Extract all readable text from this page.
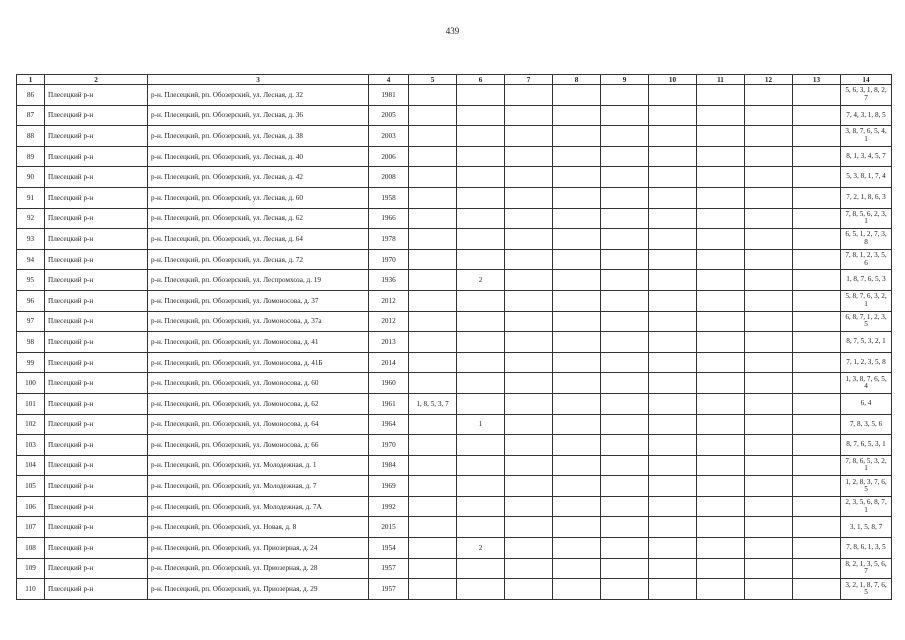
439
1	2	3	4	5	6	7	8	9	10	11	12	13	14
86	Плесецкий р-н	р-н. Плесецкий, рп. Обозерский, ул. Лесная, д. 32	1981										5, 6, 3, 1, 8, 2, 7
87	Плесецкий р-н	р-н. Плесецкий, рп. Обозерский, ул. Лесная, д. 36	2005										7, 4, 3, 1, 8, 5
88	Плесецкий р-н	р-н. Плесецкий, рп. Обозерский, ул. Лесная, д. 38	2003										3, 8, 7, 6, 5, 4, 1
89	Плесецкий р-н	р-н. Плесецкий, рп. Обозерский, ул. Лесная, д. 40	2006										8, 1, 3, 4, 5, 7
90	Плесецкий р-н	р-н. Плесецкий, рп. Обозерский, ул. Лесная, д. 42	2008										5, 3, 8, 1, 7, 4
91	Плесецкий р-н	р-н. Плесецкий, рп. Обозерский, ул. Лесная, д. 60	1958										7, 2, 1, 8, 6, 3
92	Плесецкий р-н	р-н. Плесецкий, рп. Обозерский, ул. Лесная, д. 62	1966										7, 8, 5, 6, 2, 3, 1
93	Плесецкий р-н	р-н. Плесецкий, рп. Обозерский, ул. Лесная, д. 64	1978										6, 5, 1, 2, 7, 3, 8
94	Плесецкий р-н	р-н. Плесецкий, рп. Обозерский, ул. Лесная, д. 72	1970										7, 8, 1, 2, 3, 5, 6
95	Плесецкий р-н	р-н. Плесецкий, рп. Обозерский, ул. Леспромхоза, д. 19	1936		2								1, 8, 7, 6, 5, 3
96	Плесецкий р-н	р-н. Плесецкий, рп. Обозерский, ул. Ломоносова, д. 37	2012										5, 8, 7, 6, 3, 2, 1
97	Плесецкий р-н	р-н. Плесецкий, рп. Обозерский, ул. Ломоносова, д. 37а	2012										6, 8, 7, 1, 2, 3, 5
98	Плесецкий р-н	р-н. Плесецкий, рп. Обозерский, ул. Ломоносова, д. 41	2013										8, 7, 5, 3, 2, 1
99	Плесецкий р-н	р-н. Плесецкий, рп. Обозерский, ул. Ломоносова, д. 41Б	2014										7, 1, 2, 3, 5, 8
100	Плесецкий р-н	р-н. Плесецкий, рп. Обозерский, ул. Ломоносова, д. 60	1960										1, 3, 8, 7, 6, 5, 4
101	Плесецкий р-н	р-н. Плесецкий, рп. Обозерский, ул. Ломоносова, д. 62	1961	1, 8, 5, 3, 7									6, 4
102	Плесецкий р-н	р-н. Плесецкий, рп. Обозерский, ул. Ломоносова, д. 64	1964		1								7, 8, 3, 5, 6
103	Плесецкий р-н	р-н. Плесецкий, рп. Обозерский, ул. Ломоносова, д. 66	1970										8, 7, 6, 5, 3, 1
104	Плесецкий р-н	р-н. Плесецкий, рп. Обозерский, ул. Молодежная, д. 1	1984										7, 8, 6, 5, 3, 2, 1
105	Плесецкий р-н	р-н. Плесецкий, рп. Обозерский, ул. Молодежная, д. 7	1969										1, 2, 8, 3, 7, 6, 5
106	Плесецкий р-н	р-н. Плесецкий, рп. Обозерский, ул. Молодежная, д. 7А	1992										2, 3, 5, 6, 8, 7, 1
107	Плесецкий р-н	р-н. Плесецкий, рп. Обозерский, ул. Новая, д. 8	2015										3, 1, 5, 8, 7
108	Плесецкий р-н	р-н. Плесецкий, рп. Обозерский, ул. Приозерная, д. 24	1954		2								7, 8, 6, 1, 3, 5
109	Плесецкий р-н	р-н. Плесецкий, рп. Обозерский, ул. Приозерная, д. 28	1957										8, 2, 1, 3, 5, 6, 7
110	Плесецкий р-н	р-н. Плесецкий, рп. Обозерский, ул. Приозерная, д. 29	1957										3, 2, 1, 8, 7, 6, 5
